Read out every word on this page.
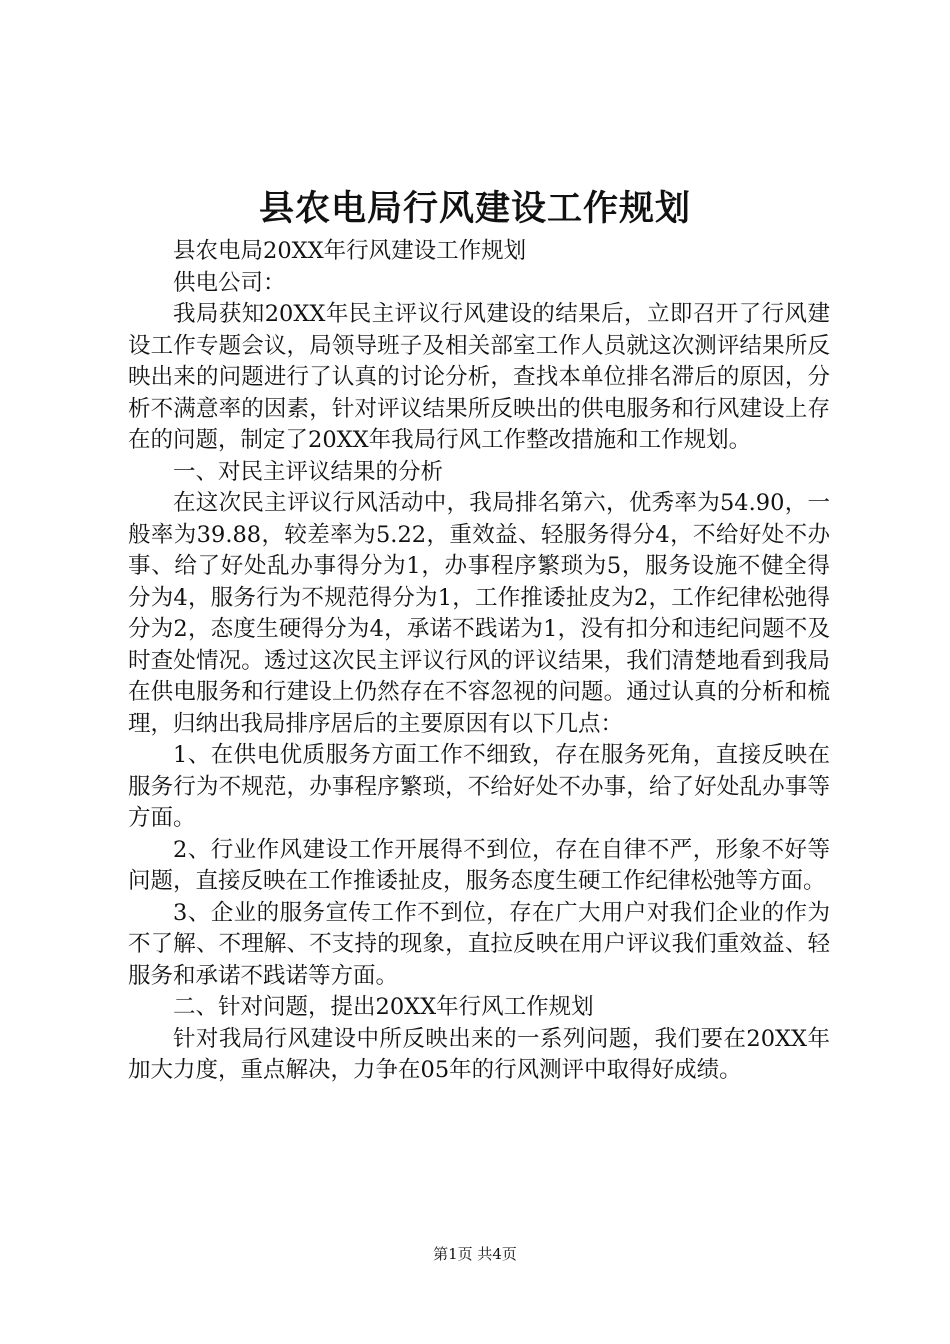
县农电局行风建设工作规划

县农电局20XX年行风建设工作规划

供电公司：

我局获知20XX年民主评议行风建设的结果后，立即召开了行风建设工作专题会议，局领导班子及相关部室工作人员就这次测评结果所反映出来的问题进行了认真的讨论分析，查找本单位排名滞后的原因，分析不满意率的因素，针对评议结果所反映出的供电服务和行风建设上存在的问题，制定了20XX年我局行风工作整改措施和工作规划。

一、对民主评议结果的分析

在这次民主评议行风活动中，我局排名第六，优秀率为54.90，一般率为39.88，较差率为5.22，重效益、轻服务得分4，不给好处不办事、给了好处乱办事得分为1，办事程序繁琐为5，服务设施不健全得分为4，服务行为不规范得分为1，工作推诿扯皮为2，工作纪律松弛得分为2，态度生硬得分为4，承诺不践诺为1，没有扣分和违纪问题不及时查处情况。透过这次民主评议行风的评议结果，我们清楚地看到我局在供电服务和行建设上仍然存在不容忽视的问题。通过认真的分析和梳理，归纳出我局排序居后的主要原因有以下几点：

1、在供电优质服务方面工作不细致，存在服务死角，直接反映在服务行为不规范，办事程序繁琐，不给好处不办事，给了好处乱办事等方面。

2、行业作风建设工作开展得不到位，存在自律不严，形象不好等问题，直接反映在工作推诿扯皮，服务态度生硬工作纪律松弛等方面。

3、企业的服务宣传工作不到位，存在广大用户对我们企业的作为不了解、不理解、不支持的现象，直拉反映在用户评议我们重效益、轻服务和承诺不践诺等方面。

二、针对问题，提出20XX年行风工作规划

针对我局行风建设中所反映出来的一系列问题，我们要在20XX年加大力度，重点解决，力争在05年的行风测评中取得好成绩。

第1页 共4页
